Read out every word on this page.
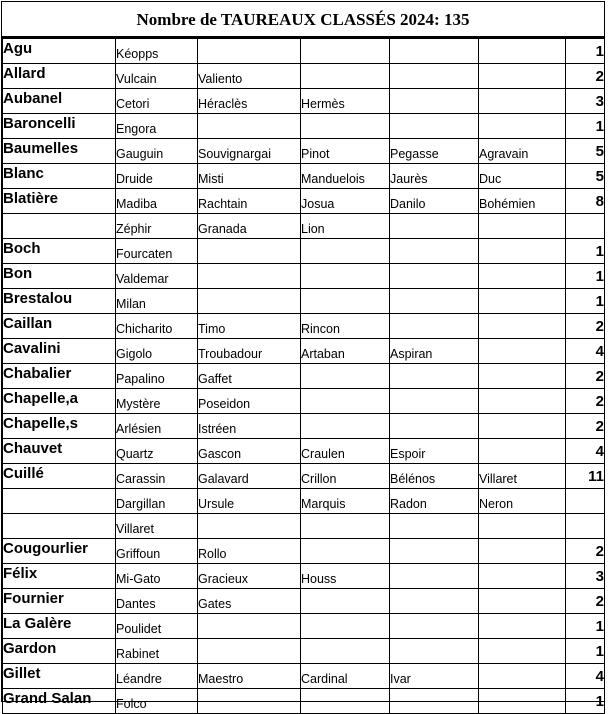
Nombre de TAUREAUX CLASSÉS 2024: 135
Agu	Kéopps					1
Allard	Vulcain	Valiento				2
Aubanel	Cetori	Héraclès	Hermès			3
Baroncelli	Engora					1
Baumelles	Gauguin	Souvignargai	Pinot	Pegasse	Agravain	5
Blanc	Druide	Misti	Manduelois	Jaurès	Duc	5
Blatière	Madiba	Rachtain	Josua	Danilo	Bohémien	8
	Zéphir	Granada	Lion			
Boch	Fourcaten					1
Bon	Valdemar					1
Brestalou	Milan					1
Caillan	Chicharito	Timo	Rincon			2
Cavalini	Gigolo	Troubadour	Artaban	Aspiran		4
Chabalier	Papalino	Gaffet				2
Chapelle,a	Mystère	Poseidon				2
Chapelle,s	Arlésien	Istréen				2
Chauvet	Quartz	Gascon	Craulen	Espoir		4
Cuillé	Carassin	Galavard	Crillon	Bélénos	Villaret	11
	Dargillan	Ursule	Marquis	Radon	Neron	
	Villaret					
Cougourlier	Griffoun	Rollo				2
Félix	Mi-Gato	Gracieux	Houss			3
Fournier	Dantes	Gates				2
La Galère	Poulidet					1
Gardon	Rabinet					1
Gillet	Léandre	Maestro	Cardinal	Ivar		4
Grand Salan	Folco					1
